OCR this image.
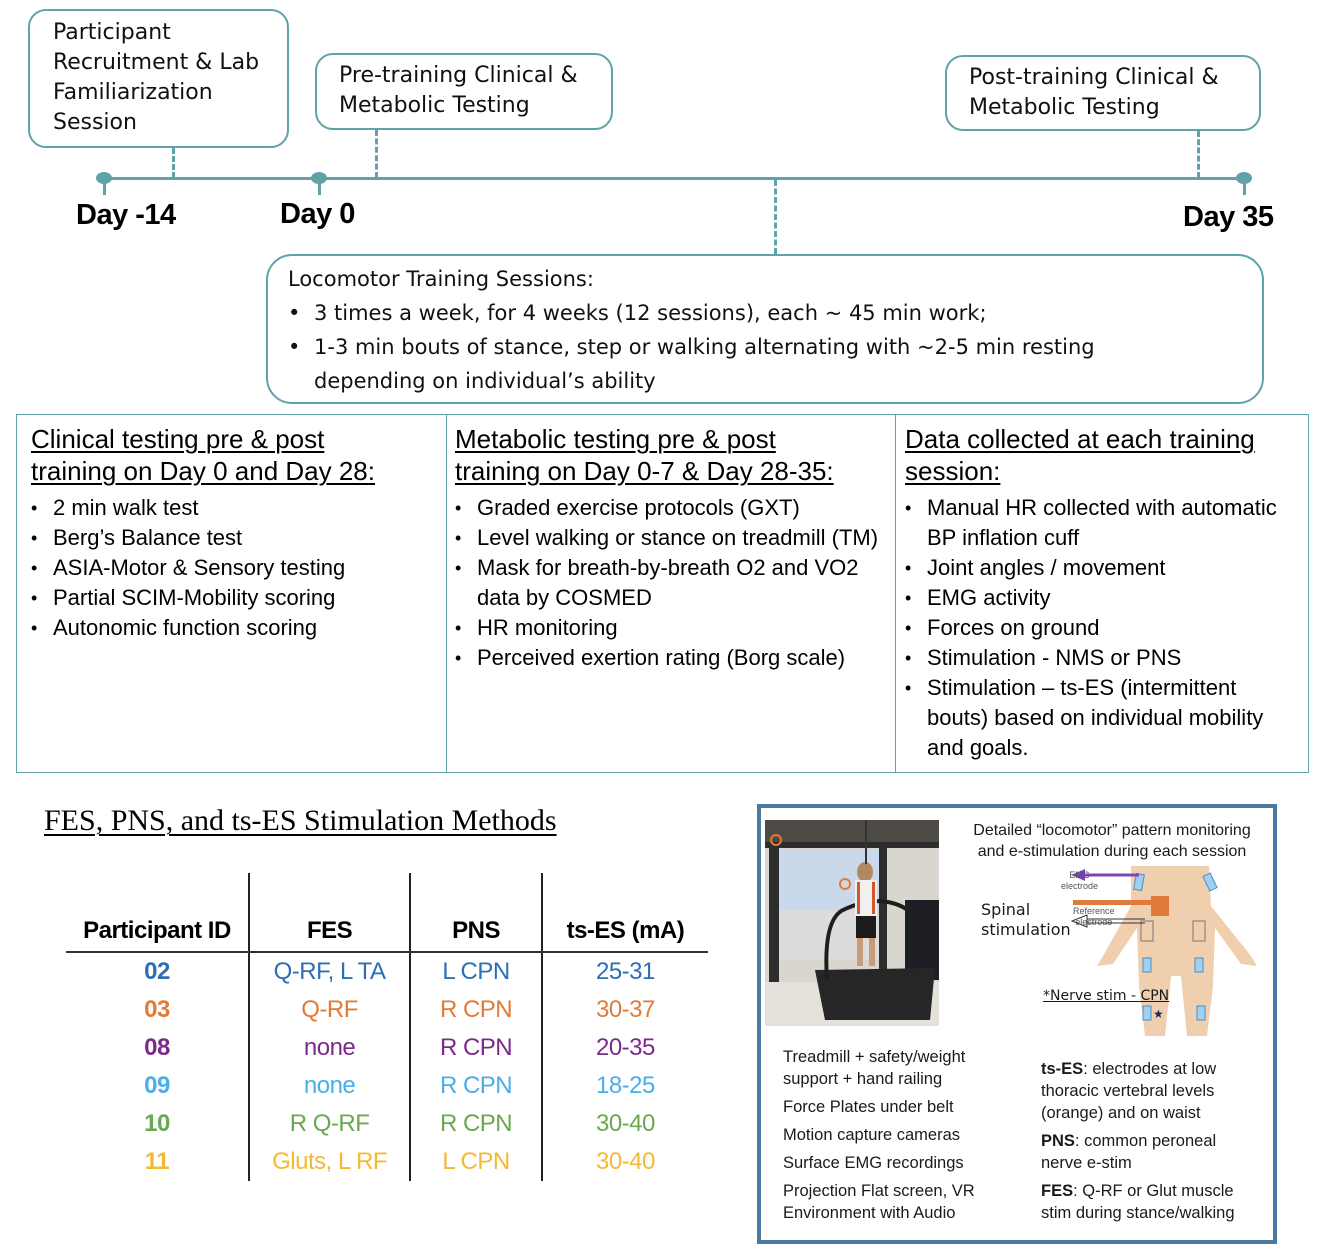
Participant
Recruitment & Lab
Familiarization
Session
Pre-training Clinical &
Metabolic Testing
Post-training Clinical &
Metabolic Testing
Day -14	Day 0	Day 35
Locomotor Training Sessions:
• 3 times a week, for 4 weeks (12 sessions), each ~ 45 min work;
• 1-3 min bouts of stance, step or walking alternating with ~2-5 min resting depending on individual’s ability
Clinical testing pre & post
training on Day 0 and Day 28:
• 2 min walk test
• Berg’s Balance test
• ASIA-Motor & Sensory testing
• Partial SCIM-Mobility scoring
• Autonomic function scoring
Metabolic testing pre & post
training on Day 0-7 & Day 28-35:
• Graded exercise protocols (GXT)
• Level walking or stance on treadmill (TM)
• Mask for breath-by-breath O2 and VO2 data by COSMED
• HR monitoring
• Perceived exertion rating (Borg scale)
Data collected at each training
session:
• Manual HR collected with automatic BP inflation cuff
• Joint angles / movement
• EMG activity
• Forces on ground
• Stimulation - NMS or PNS
• Stimulation – ts-ES (intermittent bouts) based on individual mobility and goals.
FES, PNS, and ts-ES Stimulation Methods
Participant ID	FES	PNS	ts-ES (mA)
02	Q-RF, L TA	L CPN	25-31
03	Q-RF	R CPN	30-37
08	none	R CPN	20-35
09	none	R CPN	18-25
10	R Q-RF	R CPN	30-40
11	Gluts, L RF	L CPN	30-40
Detailed “locomotor” pattern monitoring
and e-stimulation during each session
★
EMG
electrode
Spinal
stimulation
Reference
electrode
*Nerve stim - CPN
Treadmill + safety/weight
support + hand railing
Force Plates under belt
Motion capture cameras
Surface EMG recordings
Projection Flat screen, VR
Environment with Audio
ts-ES: electrodes at low
thoracic vertebral levels
(orange) and on waist
PNS: common peroneal
nerve e-stim
FES: Q-RF or Glut muscle
stim during stance/walking
